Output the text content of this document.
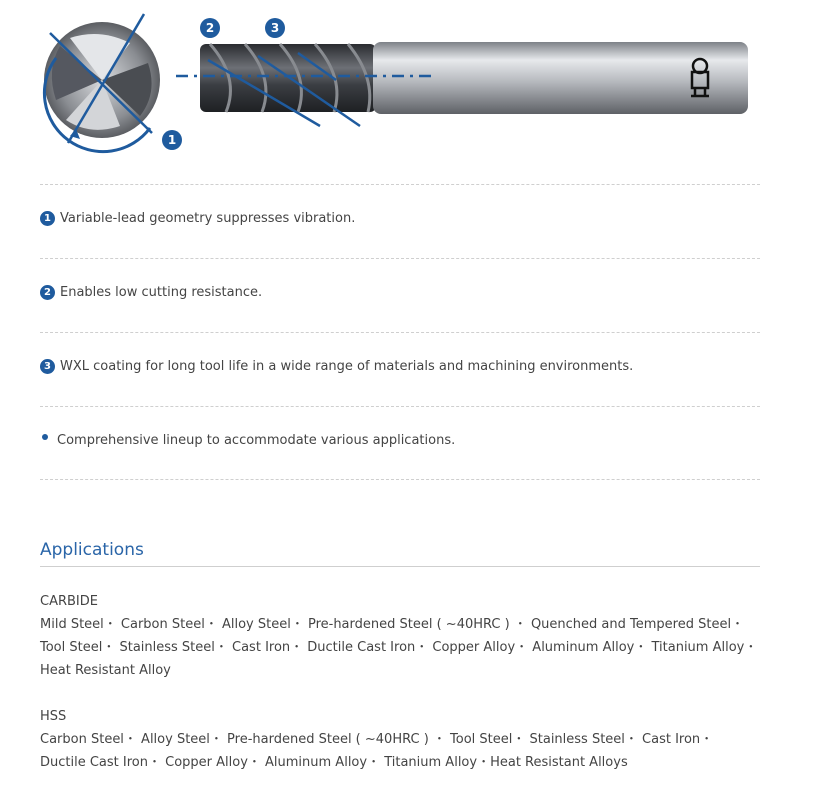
1
2	3
1 Variable-lead geometry suppresses vibration.
2 Enables low cutting resistance.
3 WXL coating for long tool life in a wide range of materials and machining environments.
Comprehensive lineup to accommodate various applications.
Applications
CARBIDE
Mild Steel・ Carbon Steel・ Alloy Steel・ Pre-hardened Steel ( ~40HRC ) ・ Quenched and Tempered Steel・ Tool Steel・ Stainless Steel・ Cast Iron・ Ductile Cast Iron・ Copper Alloy・ Aluminum Alloy・ Titanium Alloy・ Heat Resistant Alloy
HSS
Carbon Steel・ Alloy Steel・ Pre-hardened Steel ( ~40HRC ) ・ Tool Steel・ Stainless Steel・ Cast Iron・ Ductile Cast Iron・ Copper Alloy・ Aluminum Alloy・ Titanium Alloy・Heat Resistant Alloys
